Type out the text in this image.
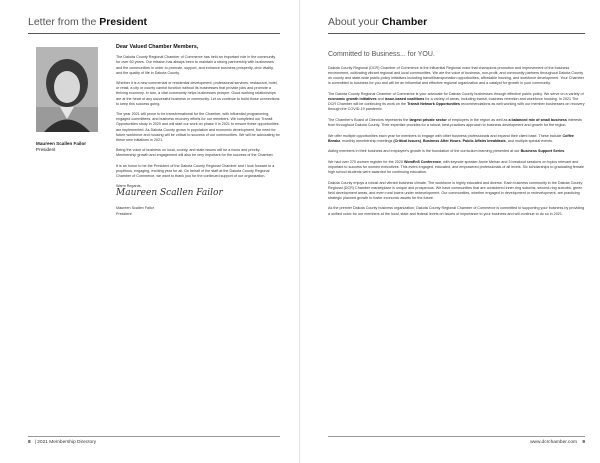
Letter from the President
Maureen Scallen Failor
President
Dear Valued Chamber Members,

The Dakota County Regional Chamber of Commerce has held an important role in the community for over 60 years. Our mission has always been to maintain a strong partnership with businesses and the communities in order to promote, support, and enhance business prosperity, civic vitality, and the quality of life in Dakota County.

Whether it is a new commercial or residential development, professional services, restaurant, hotel, or retail, a city or county cannot function without its businesses that provide jobs and promote a thriving economy. In turn, a vital community helps businesses prosper. Good working relationships are at the heart of any successful business or community. Let us continue to build those connections to keep this success going.

The year 2021 will prove to be transformational for the Chamber, with influential programming, engaged committees, and business recovery efforts for our members. We completed our Transit Opportunities study in 2020 and will start our work on phase II in 2021 to ensure these opportunities are implemented. As Dakota County grows in population and economic development, the need for future workforce and housing will be critical to success of our communities. We will be advocating for these new initiatives in 2021.

Being the voice of business on local, county, and state issues will be a focus and priority. Membership growth and engagement will also be very important for the success of the Chamber.

It is an honor to be the President of the Dakota County Regional Chamber and I look forward to a propitious, engaging, exciting year for all. On behalf of the staff at the Dakota County Regional Chamber of Commerce, we want to thank you for the continued support of our organization.

Warm Regards,
Maureen Scallen Failor
Maureen Scallen Failor
President
8 | 2021 Membership Directory
About your Chamber
Committed to Business... for YOU.

Dakota County Regional (DCR) Chamber of Commerce is the influential Regional voice that champions promotion and improvement of the business environment, cultivating vibrant regional and local communities. We are the voice of business, non-profit, and community partners throughout Dakota County on county and state-wide public policy initiatives including transit/transportation opportunities, affordable housing, and workforce development. Your Chamber is committed to business for you and will be an influential and effective regional organization and a catalyst for growth in your community.

The Dakota County Regional Chamber of Commerce is your advocate for Dakota County businesses through effective public policy. We serve on a variety of economic growth initiatives and issue-based coalitions for a variety of areas, including transit, business retention and workforce housing. In 2021 The DCR Chamber will be continuing its work on the Transit Network Opportunities recommendations as well working with our member businesses on recovery through the COVID-19 pandemic.

The Chamber's Board of Directors represents the largest private sector of employers in the region as well as a balanced mix of small business interests from throughout Dakota County. Their expertise provides for a robust, best-practices approach to business development and growth for the region.

We offer multiple opportunities each year for members to engage with other business professionals and expand their client base. These include Coffee Breakz, monthly membership meetings (Critical Issues), Business After Hours, Public Affairs breakfasts, and multiple special events.

Aiding members in their business and employee's growth is the foundation of the curriculum learning presented at our Business Support Series.

We had over 270 women register for the 2020 WomEn5 Conference, with keynote speaker Annie Mehan and 3 breakout sessions on topics relevant and important to success for women executives. This event engaged, educated, and empowered professionals of all levels. Six scholarships to graduating female high school students were awarded for continuing education.

Dakota County enjoys a robust and vibrant business climate. The workforce is highly educated and diverse. Each business community in the Dakota County Regional (DCR) Chamber marketplace is unique and prosperous. We have communities that are considered inner-ring suburbs, second-ring suburbs, green field development areas, and even rural towns under redevelopment. Our communities, whether engaged in development or redevelopment, are practicing strategic planned growth to foster economic assets for the future.

As the premier Dakota County business organization, Dakota County Regional Chamber of Commerce is committed to supporting your business by providing a unified voice for our members at the local, state and federal levels on issues of importance to your business and will continue to do so in 2021.

www.dcrchamber.com 9
